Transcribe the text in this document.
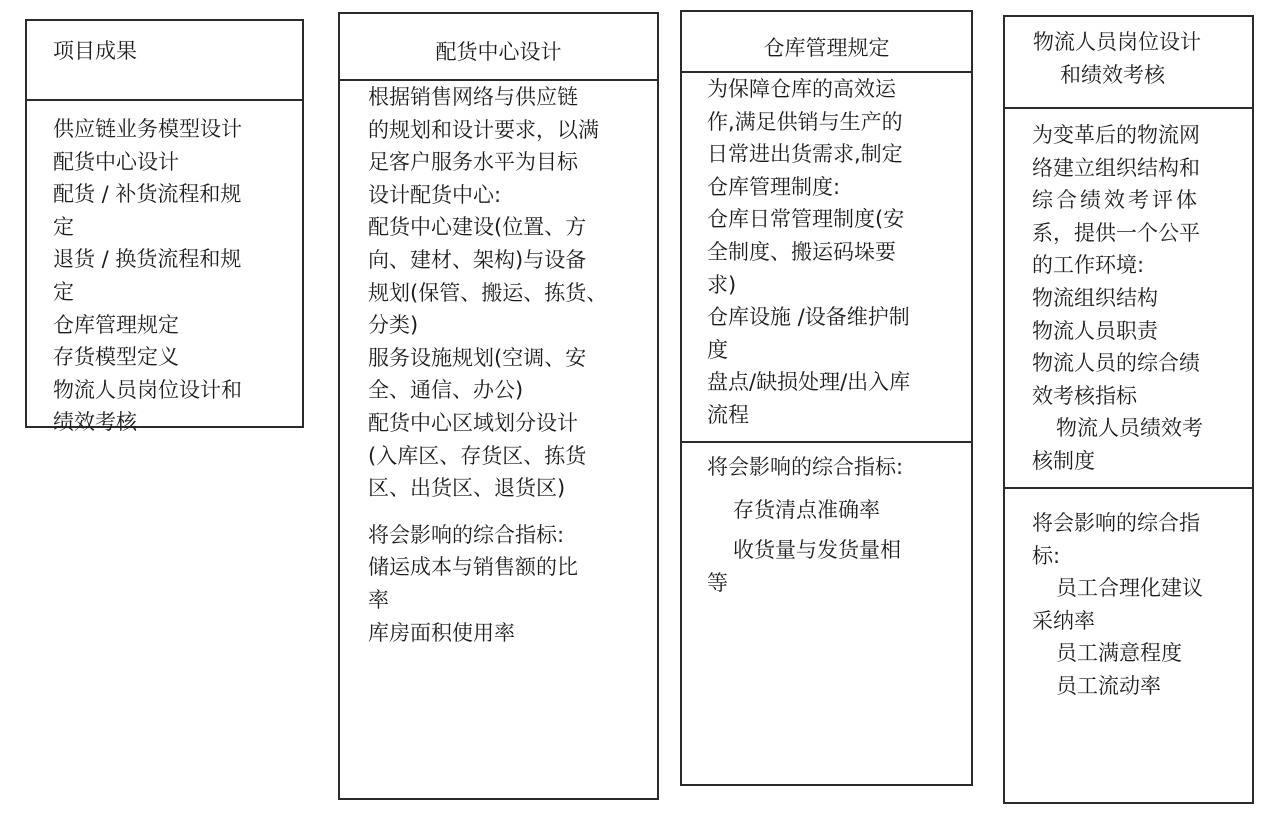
项目成果
供应链业务模型设计
配货中心设计
配货 / 补货流程和规
定
退货 / 换货流程和规
定
仓库管理规定
存货模型定义
物流人员岗位设计和
绩效考核
配货中心设计
根据销售网络与供应链
的规划和设计要求，以满
足客户服务水平为目标
设计配货中心:
配货中心建设(位置、方
向、建材、架构)与设备
规划(保管、搬运、拣货、
分类)
服务设施规划(空调、安
全、通信、办公)
配货中心区域划分设计
(入库区、存货区、拣货
区、出货区、退货区)
将会影响的综合指标:
储运成本与销售额的比
率
库房面积使用率
仓库管理规定
为保障仓库的高效运
作,满足供销与生产的
日常进出货需求,制定
仓库管理制度:
仓库日常管理制度(安
全制度、搬运码垛要
求)
仓库设施 /设备维护制
度
盘点/缺损处理/出入库
流程
将会影响的综合指标:
存货清点准确率
收货量与发货量相
等
物流人员岗位设计
和绩效考核
为变革后的物流网
络建立组织结构和
综合绩效考评体
系，提供一个公平
的工作环境:
物流组织结构
物流人员职责
物流人员的综合绩
效考核指标
物流人员绩效考
核制度
将会影响的综合指
标:
员工合理化建议
采纳率
员工满意程度
员工流动率
